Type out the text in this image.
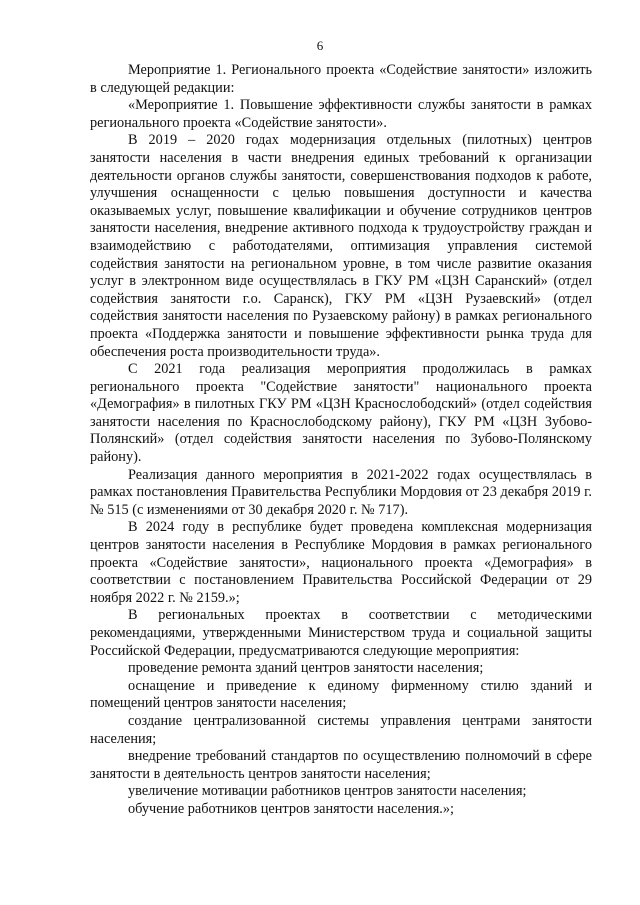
6

Мероприятие 1. Регионального проекта «Содействие занятости» изложить в следующей редакции:

«Мероприятие 1. Повышение эффективности службы занятости в рамках регионального проекта «Содействие занятости».

В 2019 – 2020 годах модернизация отдельных (пилотных) центров занятости населения в части внедрения единых требований к организации деятельности органов службы занятости, совершенствования подходов к работе, улучшения оснащенности с целью повышения доступности и качества оказываемых услуг, повышение квалификации и обучение сотрудников центров занятости населения, внедрение активного подхода к трудоустройству граждан и взаимодействию с работодателями, оптимизация управления системой содействия занятости на региональном уровне, в том числе развитие оказания услуг в электронном виде осуществлялась в ГКУ РМ «ЦЗН Саранский» (отдел содействия занятости г.о. Саранск), ГКУ РМ «ЦЗН Рузаевский» (отдел содействия занятости населения по Рузаевскому району) в рамках регионального проекта «Поддержка занятости и повышение эффективности рынка труда для обеспечения роста производительности труда».

С 2021 года реализация мероприятия продолжилась в рамках регионального проекта "Содействие занятости" национального проекта «Демография» в пилотных ГКУ РМ «ЦЗН Краснослободский» (отдел содействия занятости населения по Краснослободскому району), ГКУ РМ «ЦЗН Зубово-Полянский» (отдел содействия занятости населения по Зубово-Полянскому району).

Реализация данного мероприятия в 2021-2022 годах осуществлялась в рамках постановления Правительства Республики Мордовия от 23 декабря 2019 г. № 515 (с изменениями от 30 декабря 2020 г. № 717).

В 2024 году в республике будет проведена комплексная модернизация центров занятости населения в Республике Мордовия в рамках регионального проекта «Содействие занятости», национального проекта «Демография» в соответствии с постановлением Правительства Российской Федерации от 29 ноября 2022 г. № 2159.»;

В региональных проектах в соответствии с методическими рекомендациями, утвержденными Министерством труда и социальной защиты Российской Федерации, предусматриваются следующие мероприятия:

проведение ремонта зданий центров занятости населения;

оснащение и приведение к единому фирменному стилю зданий и помещений центров занятости населения;

создание централизованной системы управления центрами занятости населения;

внедрение требований стандартов по осуществлению полномочий в сфере занятости в деятельность центров занятости населения;

увеличение мотивации работников центров занятости населения;

обучение работников центров занятости населения.»;
